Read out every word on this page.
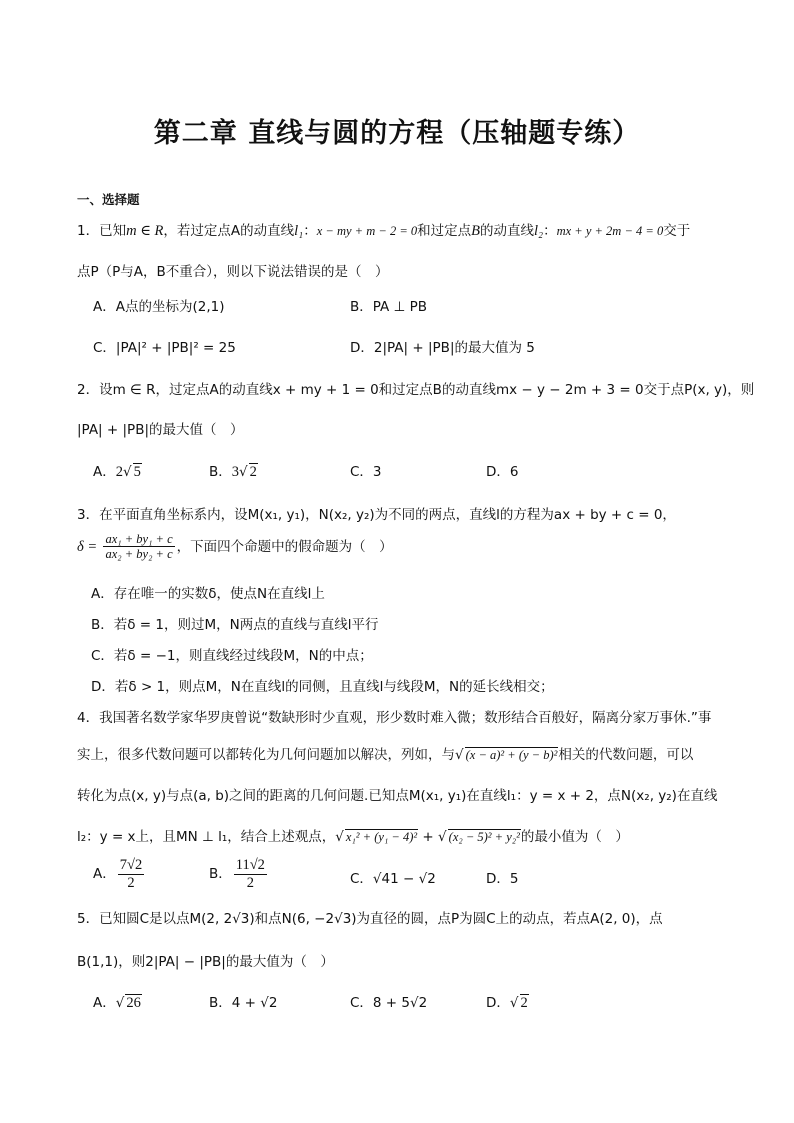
第二章 直线与圆的方程（压轴题专练）
一、选择题
1．已知m ∈ R，若过定点A的动直线l₁：x − my + m − 2 = 0和过定点B的动直线l₂：mx + y + 2m − 4 = 0交于
点P（P与A，B不重合），则以下说法错误的是（　）
A．A点的坐标为(2,1)	B．PA ⊥ PB
C．|PA|² + |PB|² = 25	D．2|PA| + |PB|的最大值为 5
2．设m ∈ R，过定点A的动直线x + my + 1 = 0和过定点B的动直线mx − y − 2m + 3 = 0交于点P(x, y)，则
|PA| + |PB|的最大值（　）
A．2√ 5	B．3√ 2	C．3	D．6
3．在平面直角坐标系内，设M(x₁, y₁)，N(x₂, y₂)为不同的两点，直线l的方程为ax + by + c = 0，
$\delta = \frac{\text{ax₁ + by₁ + c}}{\text{ax₂ + by₂ + c}}$ ，下面四个命题中的假命题为（　）
A．存在唯一的实数δ，使点N在直线l上
B．若δ = 1，则过M，N两点的直线与直线l平行
C．若δ = −1，则直线经过线段M，N的中点；
D．若δ > 1，则点M，N在直线l的同侧，且直线l与线段M，N的延长线相交；
4．我国著名数学家华罗庚曾说“数缺形时少直观，形少数时难入微；数形结合百般好，隔离分家万事休.”事
实上，很多代数问题可以都转化为几何问题加以解决，列如，与√ (x − a)² + (y − b)²相关的代数问题，可以
转化为点(x, y)与点(a, b)之间的距离的几何问题.已知点M(x₁, y₁)在直线l₁：y = x + 2，点N(x₂, y₂)在直线
l₂：y = x上，且MN ⊥ l₁，结合上述观点，√ x₁² + (y₁ − 4)² + √ (x₂ − 5)² + y₂²的最小值为（　）
A． $\frac{7√2}{2}$	B． $\frac{11√2}{2}$	C．√41 − √2	D．5
5．已知圆C是以点M(2, 2√3)和点N(6, −2√3)为直径的圆，点P为圆C上的动点，若点A(2, 0)，点
B(1,1)，则2|PA| − |PB|的最大值为（　）
A．√ 26	B．4 + √2	C．8 + 5√2	D．√ 2
